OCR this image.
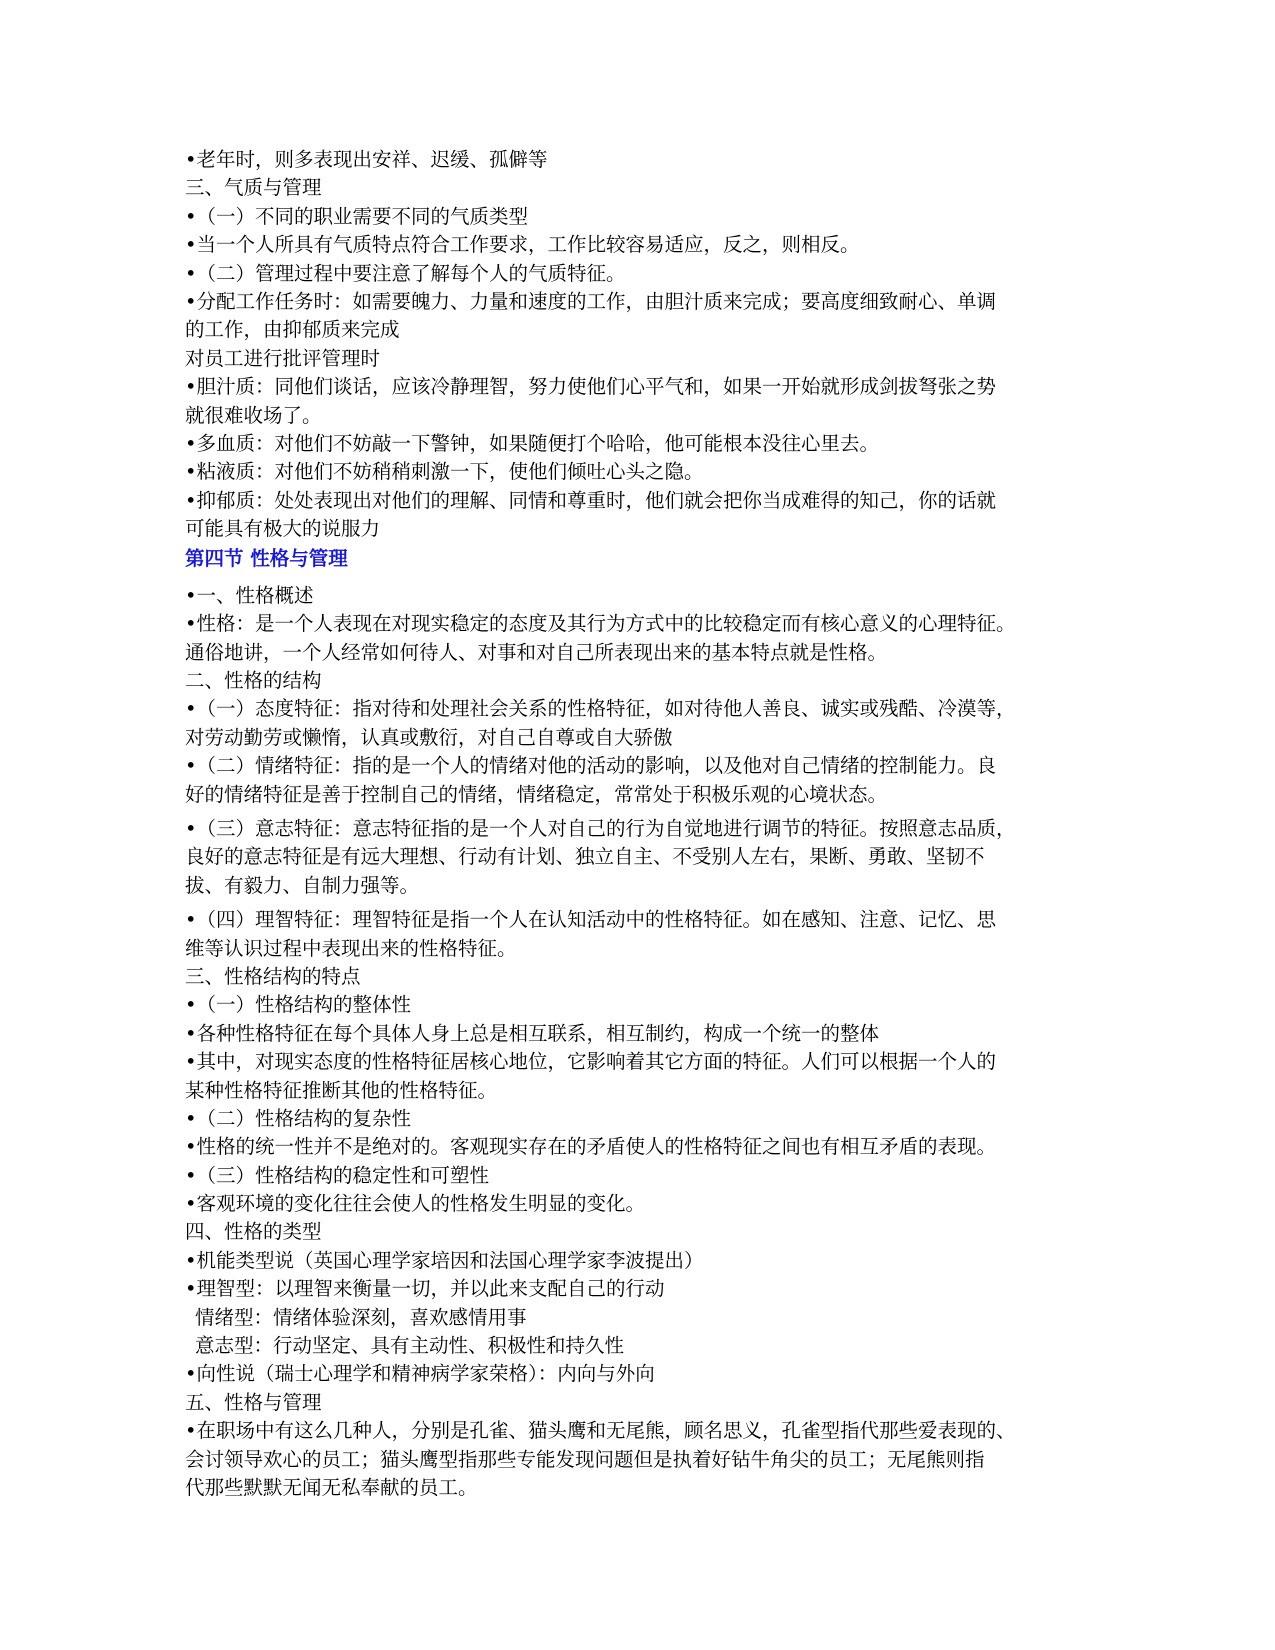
•老年时，则多表现出安祥、迟缓、孤僻等
三、气质与管理
•（一）不同的职业需要不同的气质类型
•当一个人所具有气质特点符合工作要求，工作比较容易适应，反之，则相反。
•（二）管理过程中要注意了解每个人的气质特征。
•分配工作任务时：如需要魄力、力量和速度的工作，由胆汁质来完成；要高度细致耐心、单调
的工作，由抑郁质来完成
对员工进行批评管理时
•胆汁质：同他们谈话，应该冷静理智，努力使他们心平气和，如果一开始就形成剑拔弩张之势
就很难收场了。
•多血质：对他们不妨敲一下警钟，如果随便打个哈哈，他可能根本没往心里去。
•粘液质：对他们不妨稍稍刺激一下，使他们倾吐心头之隐。
•抑郁质：处处表现出对他们的理解、同情和尊重时，他们就会把你当成难得的知己，你的话就
可能具有极大的说服力
第四节 性格与管理
•一、性格概述
•性格：是一个人表现在对现实稳定的态度及其行为方式中的比较稳定而有核心意义的心理特征。
通俗地讲，一个人经常如何待人、对事和对自己所表现出来的基本特点就是性格。
二、性格的结构
•（一）态度特征：指对待和处理社会关系的性格特征，如对待他人善良、诚实或残酷、冷漠等，
对劳动勤劳或懒惰，认真或敷衍，对自己自尊或自大骄傲
•（二）情绪特征：指的是一个人的情绪对他的活动的影响，以及他对自己情绪的控制能力。良
好的情绪特征是善于控制自己的情绪，情绪稳定，常常处于积极乐观的心境状态。
•（三）意志特征：意志特征指的是一个人对自己的行为自觉地进行调节的特征。按照意志品质，
良好的意志特征是有远大理想、行动有计划、独立自主、不受别人左右，果断、勇敢、坚韧不
拔、有毅力、自制力强等。
•（四）理智特征：理智特征是指一个人在认知活动中的性格特征。如在感知、注意、记忆、思
维等认识过程中表现出来的性格特征。
三、性格结构的特点
•（一）性格结构的整体性
•各种性格特征在每个具体人身上总是相互联系，相互制约，构成一个统一的整体
•其中，对现实态度的性格特征居核心地位，它影响着其它方面的特征。人们可以根据一个人的
某种性格特征推断其他的性格特征。
•（二）性格结构的复杂性
•性格的统一性并不是绝对的。客观现实存在的矛盾使人的性格特征之间也有相互矛盾的表现。
•（三）性格结构的稳定性和可塑性
•客观环境的变化往往会使人的性格发生明显的变化。
四、性格的类型
•机能类型说（英国心理学家培因和法国心理学家李波提出）
•理智型：以理智来衡量一切，并以此来支配自己的行动
情绪型：情绪体验深刻，喜欢感情用事
意志型：行动坚定、具有主动性、积极性和持久性
•向性说（瑞士心理学和精神病学家荣格）：内向与外向
五、性格与管理
•在职场中有这么几种人，分别是孔雀、猫头鹰和无尾熊，顾名思义，孔雀型指代那些爱表现的、
会讨领导欢心的员工；猫头鹰型指那些专能发现问题但是执着好钻牛角尖的员工；无尾熊则指
代那些默默无闻无私奉献的员工。
